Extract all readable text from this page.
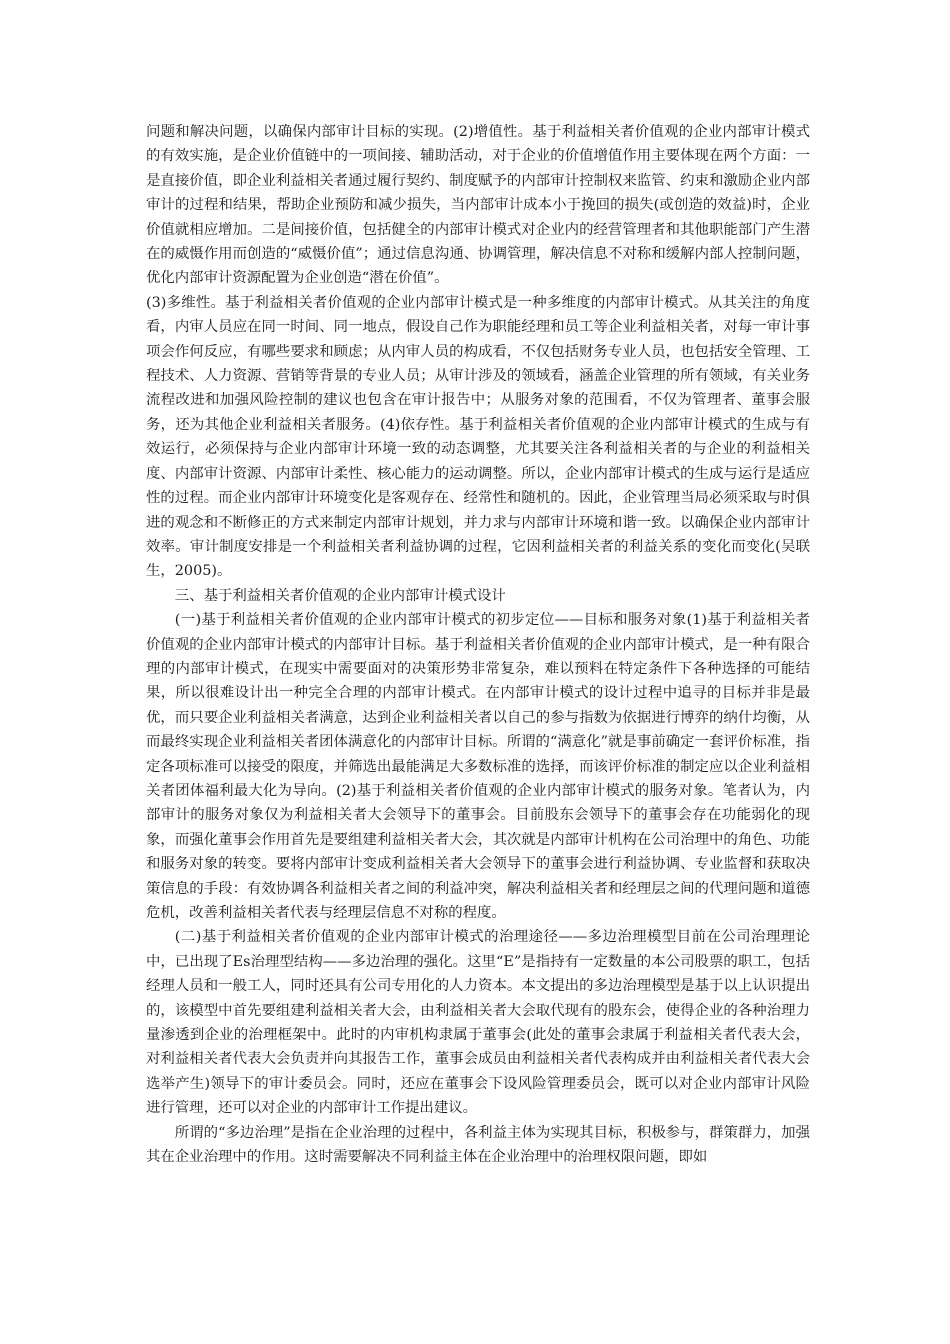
问题和解决问题，以确保内部审计目标的实现。(2)增值性。基于利益相关者价值观的企业内部审计模式的有效实施，是企业价值链中的一项间接、辅助活动，对于企业的价值增值作用主要体现在两个方面：一是直接价值，即企业利益相关者通过履行契约、制度赋予的内部审计控制权来监管、约束和激励企业内部审计的过程和结果，帮助企业预防和减少损失，当内部审计成本小于挽回的损失(或创造的效益)时，企业价值就相应增加。二是间接价值，包括健全的内部审计模式对企业内的经营管理者和其他职能部门产生潜在的威慑作用而创造的“威慑价值”；通过信息沟通、协调管理，解决信息不对称和缓解内部人控制问题，优化内部审计资源配置为企业创造“潜在价值”。

(3)多维性。基于利益相关者价值观的企业内部审计模式是一种多维度的内部审计模式。从其关注的角度看，内审人员应在同一时间、同一地点，假设自己作为职能经理和员工等企业利益相关者，对每一审计事项会作何反应，有哪些要求和顾虑；从内审人员的构成看，不仅包括财务专业人员，也包括安全管理、工程技术、人力资源、营销等背景的专业人员；从审计涉及的领域看，涵盖企业管理的所有领域，有关业务流程改进和加强风险控制的建议也包含在审计报告中；从服务对象的范围看，不仅为管理者、董事会服务，还为其他企业利益相关者服务。(4)依存性。基于利益相关者价值观的企业内部审计模式的生成与有效运行，必须保持与企业内部审计环境一致的动态调整，尤其要关注各利益相关者的与企业的利益相关度、内部审计资源、内部审计柔性、核心能力的运动调整。所以，企业内部审计模式的生成与运行是适应性的过程。而企业内部审计环境变化是客观存在、经常性和随机的。因此，企业管理当局必须采取与时俱进的观念和不断修正的方式来制定内部审计规划，并力求与内部审计环境和谐一致。以确保企业内部审计效率。审计制度安排是一个利益相关者利益协调的过程，它因利益相关者的利益关系的变化而变化(吴联生，2005)。

三、基于利益相关者价值观的企业内部审计模式设计

(一)基于利益相关者价值观的企业内部审计模式的初步定位——目标和服务对象(1)基于利益相关者价值观的企业内部审计模式的内部审计目标。基于利益相关者价值观的企业内部审计模式，是一种有限合理的内部审计模式，在现实中需要面对的决策形势非常复杂，难以预料在特定条件下各种选择的可能结果，所以很难设计出一种完全合理的内部审计模式。在内部审计模式的设计过程中追寻的目标并非是最优，而只要企业利益相关者满意，达到企业利益相关者以自己的参与指数为依据进行博弈的纳什均衡，从而最终实现企业利益相关者团体满意化的内部审计目标。所谓的“满意化”就是事前确定一套评价标准，指定各项标准可以接受的限度，并筛选出最能满足大多数标准的选择，而该评价标准的制定应以企业利益相关者团体福利最大化为导向。(2)基于利益相关者价值观的企业内部审计模式的服务对象。笔者认为，内部审计的服务对象仅为利益相关者大会领导下的董事会。目前股东会领导下的董事会存在功能弱化的现象，而强化董事会作用首先是要组建利益相关者大会，其次就是内部审计机构在公司治理中的角色、功能和服务对象的转变。要将内部审计变成利益相关者大会领导下的董事会进行利益协调、专业监督和获取决策信息的手段：有效协调各利益相关者之间的利益冲突，解决利益相关者和经理层之间的代理问题和道德危机，改善利益相关者代表与经理层信息不对称的程度。

(二)基于利益相关者价值观的企业内部审计模式的治理途径——多边治理模型目前在公司治理理论中，已出现了Es治理型结构——多边治理的强化。这里“E”是指持有一定数量的本公司股票的职工，包括经理人员和一般工人，同时还具有公司专用化的人力资本。本文提出的多边治理模型是基于以上认识提出的，该模型中首先要组建利益相关者大会，由利益相关者大会取代现有的股东会，使得企业的各种治理力量渗透到企业的治理框架中。此时的内审机构隶属于董事会(此处的董事会隶属于利益相关者代表大会，对利益相关者代表大会负责并向其报告工作，董事会成员由利益相关者代表构成并由利益相关者代表大会选举产生)领导下的审计委员会。同时，还应在董事会下设风险管理委员会，既可以对企业内部审计风险进行管理，还可以对企业的内部审计工作提出建议。

所谓的“多边治理”是指在企业治理的过程中，各利益主体为实现其目标，积极参与，群策群力，加强其在企业治理中的作用。这时需要解决不同利益主体在企业治理中的治理权限问题，即如
